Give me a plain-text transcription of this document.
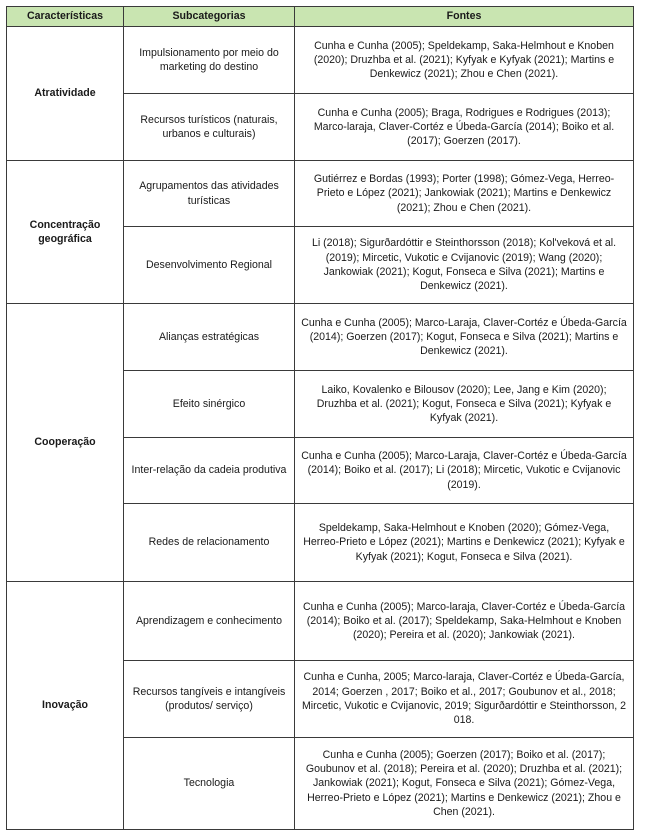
Características	Subcategorias	Fontes
Atratividade	Impulsionamento por meio do marketing do destino	Cunha e Cunha (2005); Speldekamp, Saka-Helmhout e Knoben (2020); Druzhba et al. (2021); Kyfyak e Kyfyak (2021); Martins e Denkewicz (2021); Zhou e Chen (2021).
	Recursos turísticos (naturais, urbanos e culturais)	Cunha e Cunha (2005); Braga, Rodrigues e Rodrigues (2013); Marco-laraja, Claver-Cortéz e Úbeda-García (2014); Boiko et al. (2017); Goerzen (2017).
Concentração geográfica	Agrupamentos das atividades turísticas	Gutiérrez e Bordas (1993); Porter (1998); Gómez-Vega, Herreo-Prieto e López (2021); Jankowiak (2021); Martins e Denkewicz (2021); Zhou e Chen (2021).
	Desenvolvimento Regional	Li (2018); Sigurðardóttir e Steinthorsson (2018); Kol'veková et al. (2019); Mircetic, Vukotic e Cvijanovic (2019); Wang (2020); Jankowiak (2021); Kogut, Fonseca e Silva (2021); Martins e Denkewicz (2021).
Cooperação	Alianças estratégicas	Cunha e Cunha (2005); Marco-Laraja, Claver-Cortéz e Úbeda-García (2014); Goerzen (2017); Kogut, Fonseca e Silva (2021); Martins e Denkewicz (2021).
	Efeito sinérgico	Laiko, Kovalenko e Bilousov (2020); Lee, Jang e Kim (2020); Druzhba et al. (2021); Kogut, Fonseca e Silva (2021); Kyfyak e Kyfyak (2021).
	Inter-relação da cadeia produtiva	Cunha e Cunha (2005); Marco-Laraja, Claver-Cortéz e Úbeda-García (2014); Boiko et al. (2017); Li (2018); Mircetic, Vukotic e Cvijanovic (2019).
	Redes de relacionamento	Speldekamp, Saka-Helmhout e Knoben (2020); Gómez-Vega, Herreo-Prieto e López (2021); Martins e Denkewicz (2021); Kyfyak e Kyfyak (2021); Kogut, Fonseca e Silva (2021).
Inovação	Aprendizagem e conhecimento	Cunha e Cunha (2005); Marco-laraja, Claver-Cortéz e Úbeda-García (2014); Boiko et al. (2017); Speldekamp, Saka-Helmhout e Knoben (2020); Pereira et al. (2020); Jankowiak (2021).
	Recursos tangíveis e intangíveis (produtos/ serviço)	Cunha e Cunha, 2005; Marco-laraja, Claver-Cortéz e Úbeda-García, 2014; Goerzen , 2017; Boiko et al., 2017; Goubunov et al., 2018; Mircetic, Vukotic e Cvijanovic, 2019; Sigurðardóttir e Steinthorsson, 2 018.
	Tecnologia	Cunha e Cunha (2005); Goerzen (2017); Boiko et al. (2017); Goubunov et al. (2018); Pereira et al. (2020); Druzhba et al. (2021); Jankowiak (2021); Kogut, Fonseca e Silva (2021); Gómez-Vega, Herreo-Prieto e López (2021); Martins e Denkewicz (2021); Zhou e Chen (2021).
